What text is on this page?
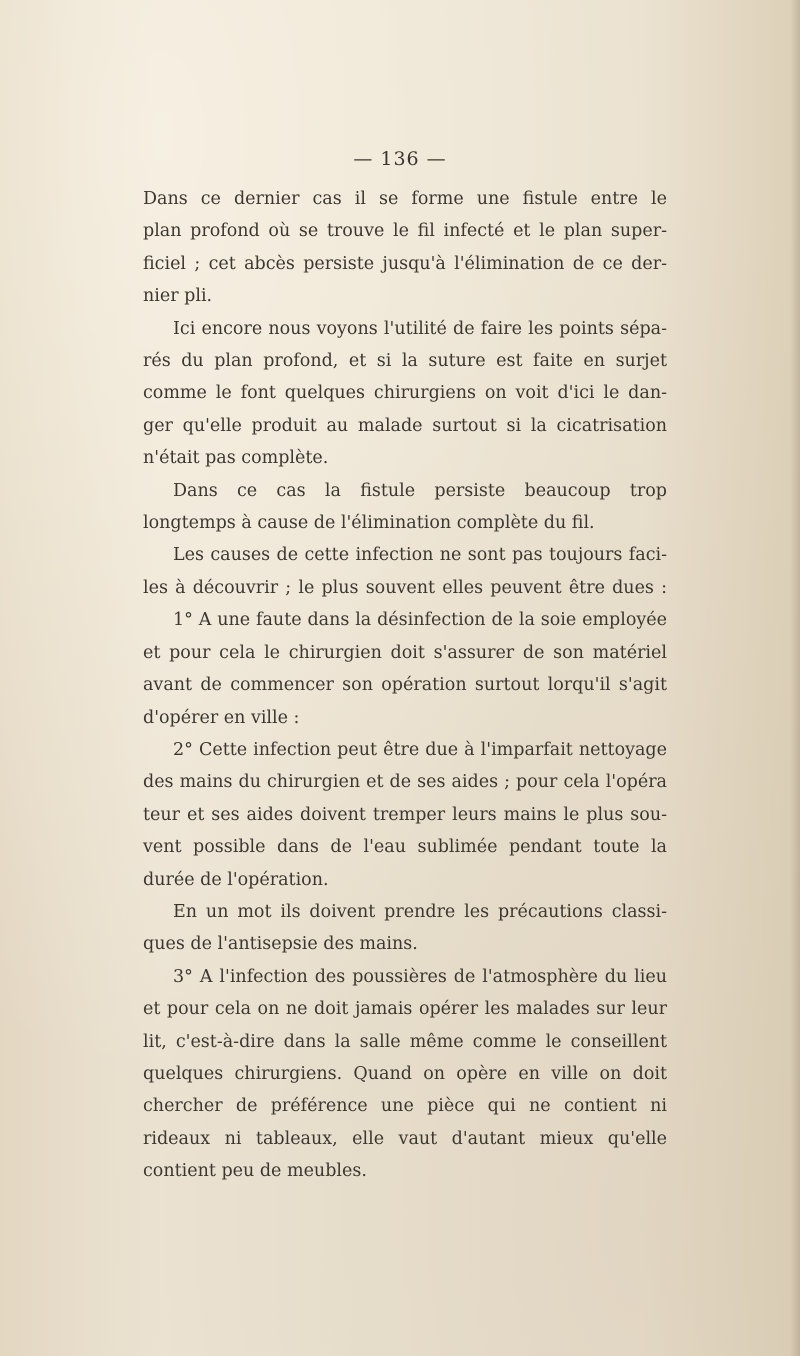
— 136 —
Dans ce dernier cas il se forme une fistule entre le
plan profond où se trouve le fil infecté et le plan super-
ficiel ; cet abcès persiste jusqu'à l'élimination de ce der-
nier pli.
Ici encore nous voyons l'utilité de faire les points sépa-
rés du plan profond, et si la suture est faite en surjet
comme le font quelques chirurgiens on voit d'ici le dan-
ger qu'elle produit au malade surtout si la cicatrisation
n'était pas complète.
Dans ce cas la fistule persiste beaucoup trop
longtemps à cause de l'élimination complète du fil.
Les causes de cette infection ne sont pas toujours faci-
les à découvrir ; le plus souvent elles peuvent être dues :
1° A une faute dans la désinfection de la soie employée
et pour cela le chirurgien doit s'assurer de son matériel
avant de commencer son opération surtout lorqu'il s'agit
d'opérer en ville :
2° Cette infection peut être due à l'imparfait nettoyage
des mains du chirurgien et de ses aides ; pour cela l'opéra
teur et ses aides doivent tremper leurs mains le plus sou-
vent possible dans de l'eau sublimée pendant toute la
durée de l'opération.
En un mot ils doivent prendre les précautions classi-
ques de l'antisepsie des mains.
3° A l'infection des poussières de l'atmosphère du lieu
et pour cela on ne doit jamais opérer les malades sur leur
lit, c'est-à-dire dans la salle même comme le conseillent
quelques chirurgiens. Quand on opère en ville on doit
chercher de préférence une pièce qui ne contient ni
rideaux ni tableaux, elle vaut d'autant mieux qu'elle
contient peu de meubles.
